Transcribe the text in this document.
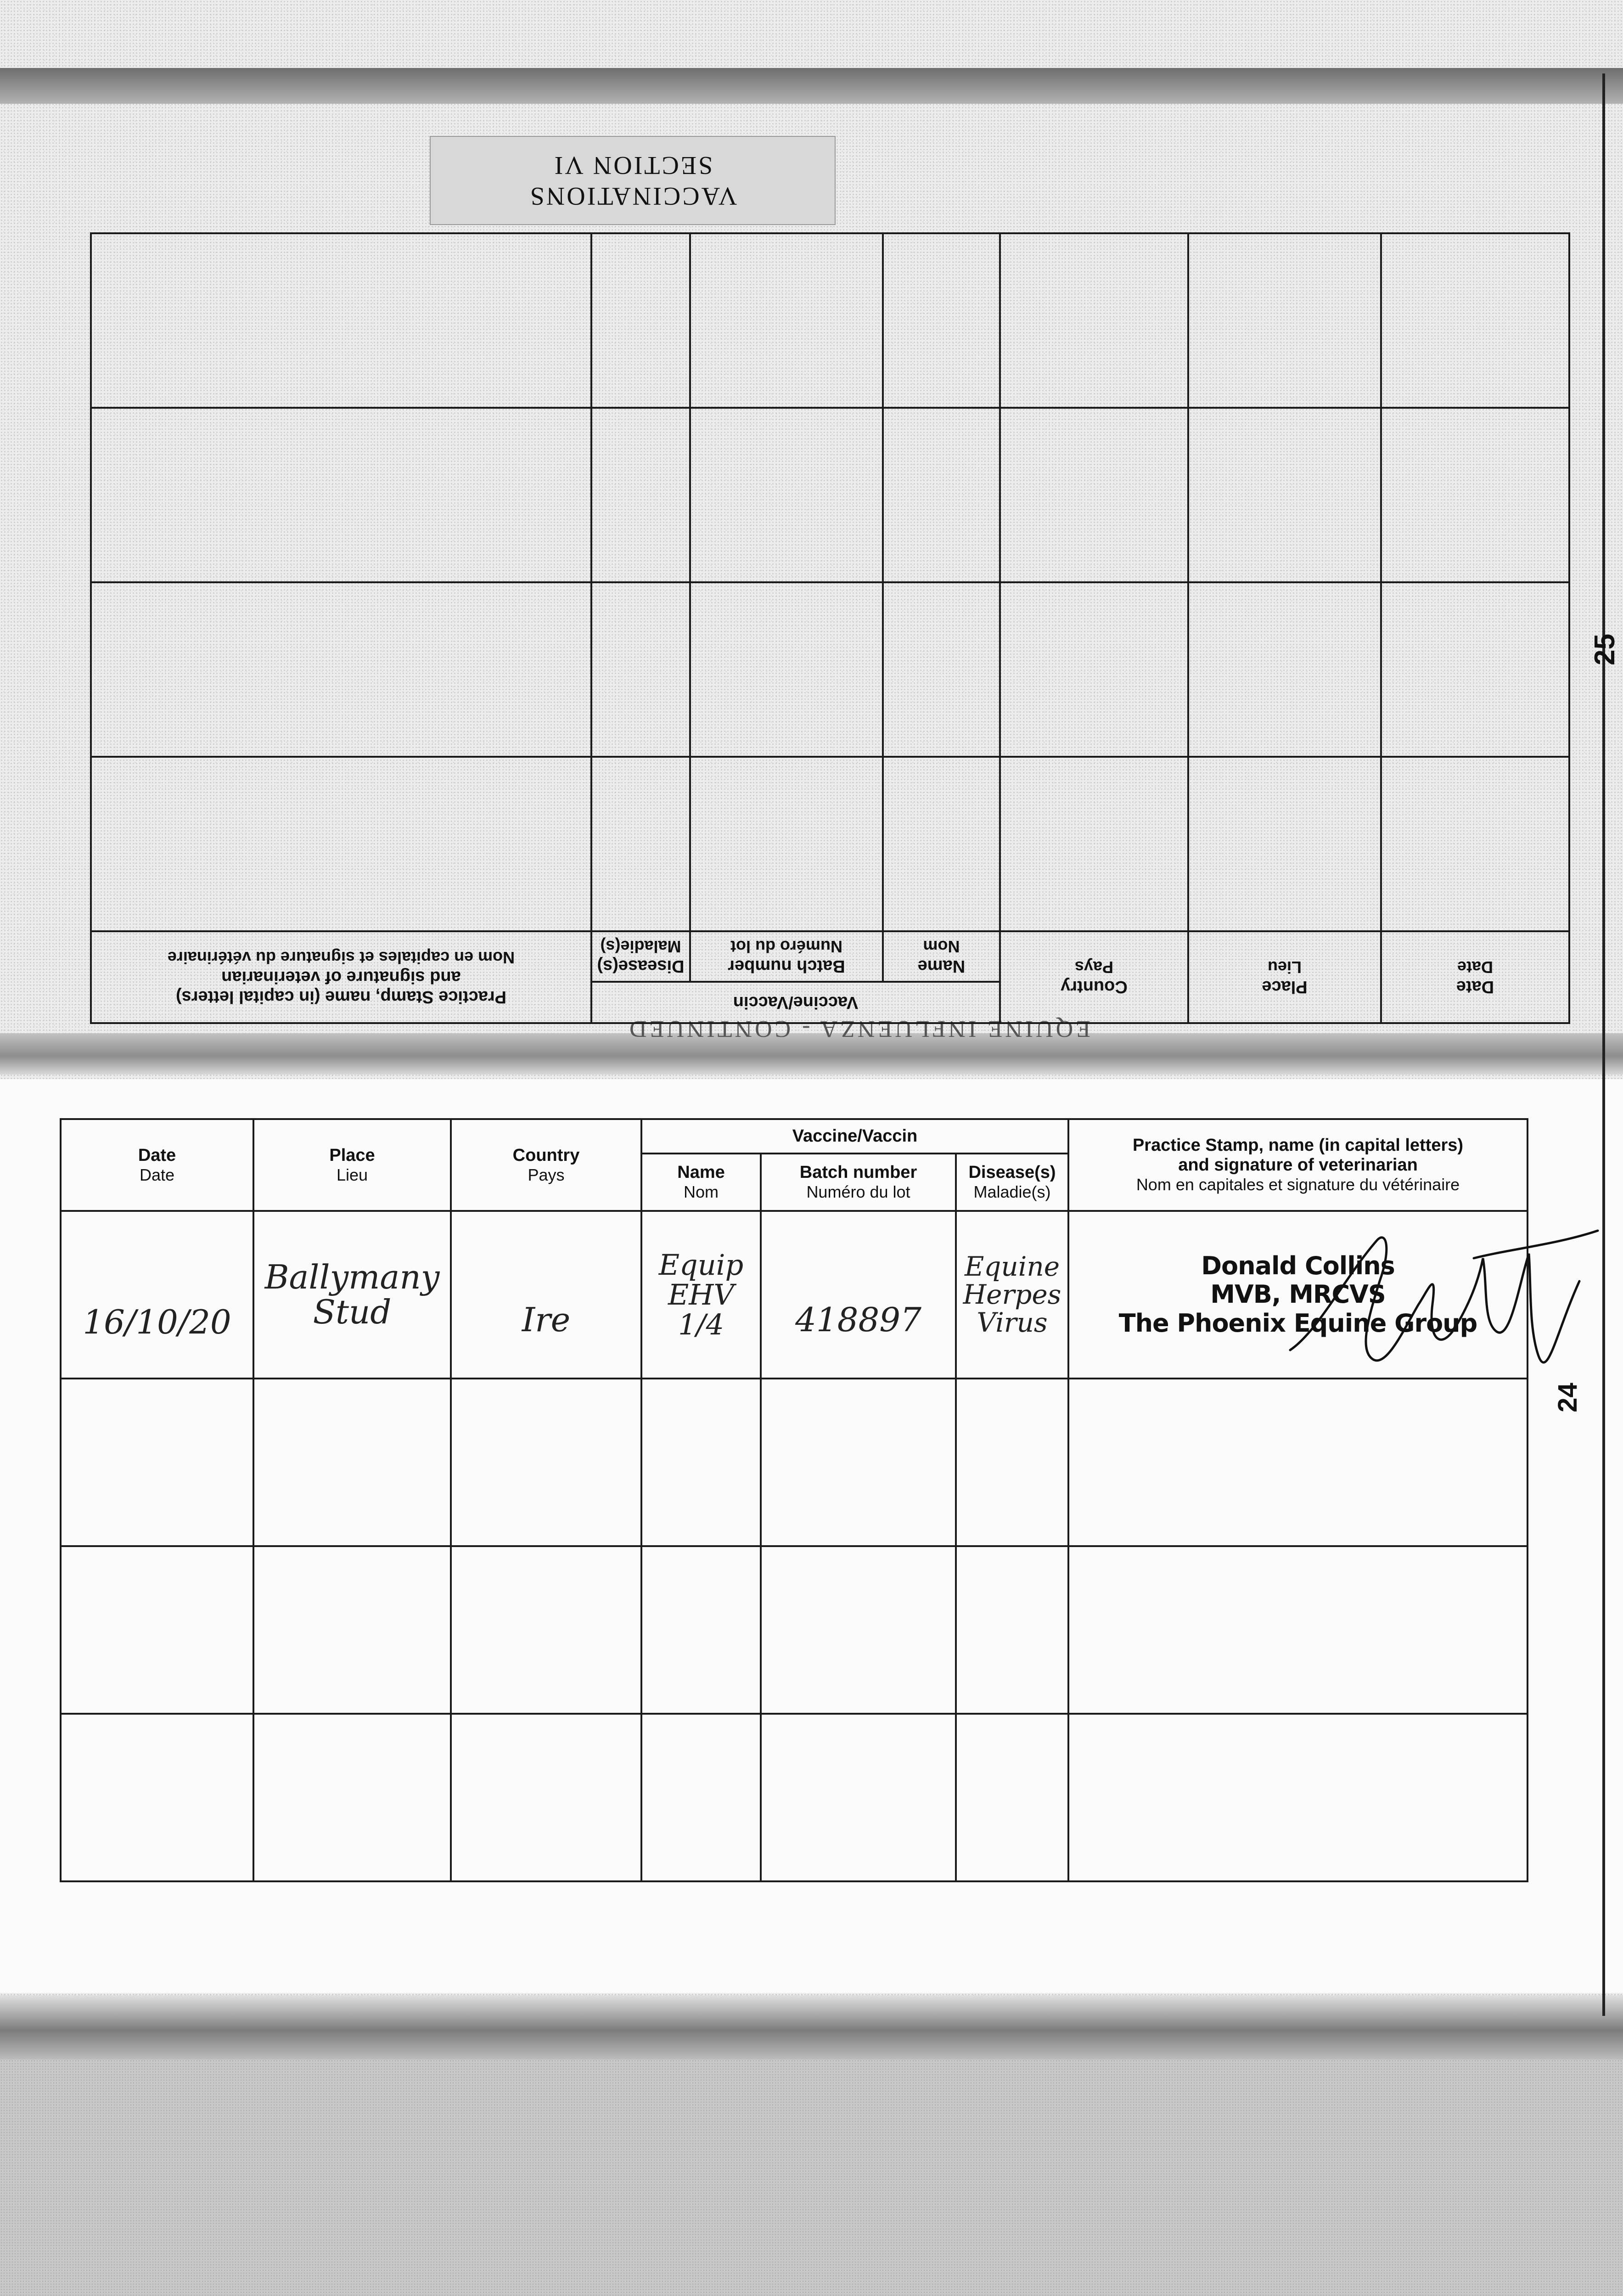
VACCINATIONS
SECTION VI
EQUINE INFLUENZA - CONTINUED
25
Date
Date	Place
Lieu	Country
Pays	Vaccine/Vaccin			Practice Stamp, name (in capital letters)
and signature of veterinarian
Nom en capitales et signature du vétérinaire

			Name
Nom	Batch number
Numéro du lot	Disease(s)
Maladie(s)	

Date
Date	Place
Lieu	Country
Pays	Vaccine/Vaccin			Practice Stamp, name (in capital letters)
and signature of veterinarian
Nom en capitales et signature du vétérinaire

			Name
Nom	Batch number
Numéro du lot	Disease(s)
Maladie(s)	

16/10/20	Ballymany
Stud	Ire	Equip
EHV
1/4	418897	Equine
Herpes
Virus	Donald Collins
MVB, MRCVS
The Phoenix Equine Group

24
